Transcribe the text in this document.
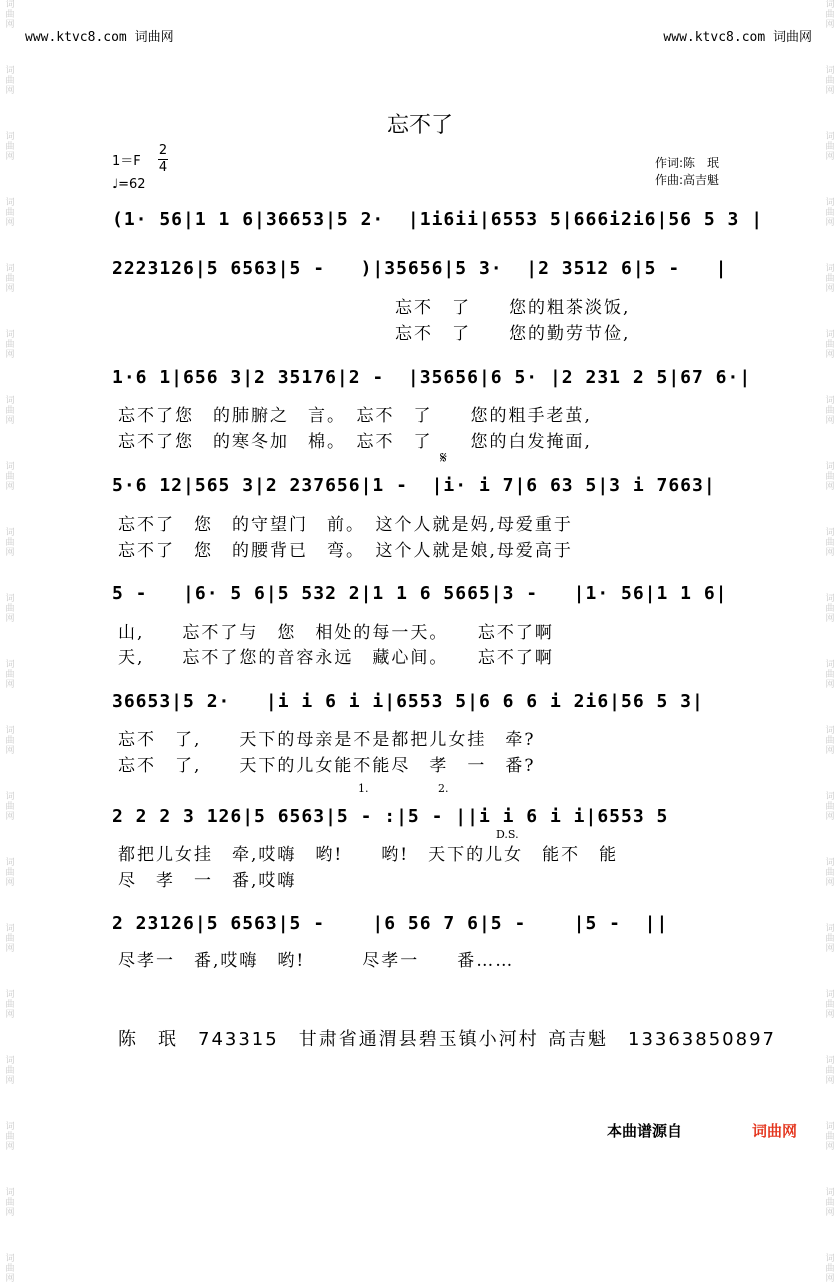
词曲网
词曲网
词曲网
词曲网
词曲网
词曲网
词曲网
词曲网
词曲网
词曲网
词曲网
词曲网
词曲网
词曲网
词曲网
词曲网
词曲网
词曲网
词曲网
词曲网
词曲网
词曲网
词曲网
词曲网
词曲网
词曲网
词曲网
词曲网
词曲网
词曲网
词曲网
词曲网
词曲网
词曲网
词曲网
词曲网
词曲网
词曲网
词曲网
词曲网
www.ktvc8.com 词曲网	www.ktvc8.com 词曲网
忘不了
1＝F
2
4
♩=62
作词:陈　珉
作曲:高吉魁
(1· 56|1 1 6|36653|5 2·  |1i6ii|6553 5|666i2i6|56 5 3 |
2223126|5 6563|5 -   )|35656|5 3·  |2 3512 6|5 -   |
忘不　了　　您的粗茶淡饭,
忘不　了　　您的勤劳节俭,
1·6 1|656 3|2 35176|2 -  |35656|6 5· |2 231 2 5|67 6·|
忘不了您　的肺腑之　言。　忘不　了　　您的粗手老茧,
忘不了您　的寒冬加　棉。　忘不　了　　您的白发掩面,
𝄋
5·6 12|565 3|2 237656|1 -  |i· i 7|6 63 5|3 i 7663|
忘不了　您　的守望门　前。　这个人就是妈,母爱重于
忘不了　您　的腰背已　弯。　这个人就是娘,母爱高于
5 -   |6· 5 6|5 532 2|1 1 6 5665|3 -   |1· 56|1 1 6|
山,　　忘不了与　您　相处的每一天。　　忘不了啊
天,　　忘不了您的音容永远　藏心间。　　忘不了啊
36653|5 2·   |i i 6 i i|6553 5|6 6 6 i 2i6|56 5 3|
忘不　了,　　天下的母亲是不是都把儿女挂　牵?
忘不　了,　　天下的儿女能不能尽　孝　一　番?
1.	2.
2 2 2 3 126|5 6563|5 - :|5 - ||i i 6 i i|6553 5
D.S.
都把儿女挂　牵,哎嗨　哟!　　哟!　天下的儿女　能不　能
尽　孝　一　番,哎嗨
2 23126|5 6563|5 -    |6 56 7 6|5 -    |5 -  ||
尽孝一　番,哎嗨　哟!　　　尽孝一　　番……
陈　珉　743315　甘肃省通渭县碧玉镇小河村 高吉魁　13363850897
本曲谱源自	词曲网
